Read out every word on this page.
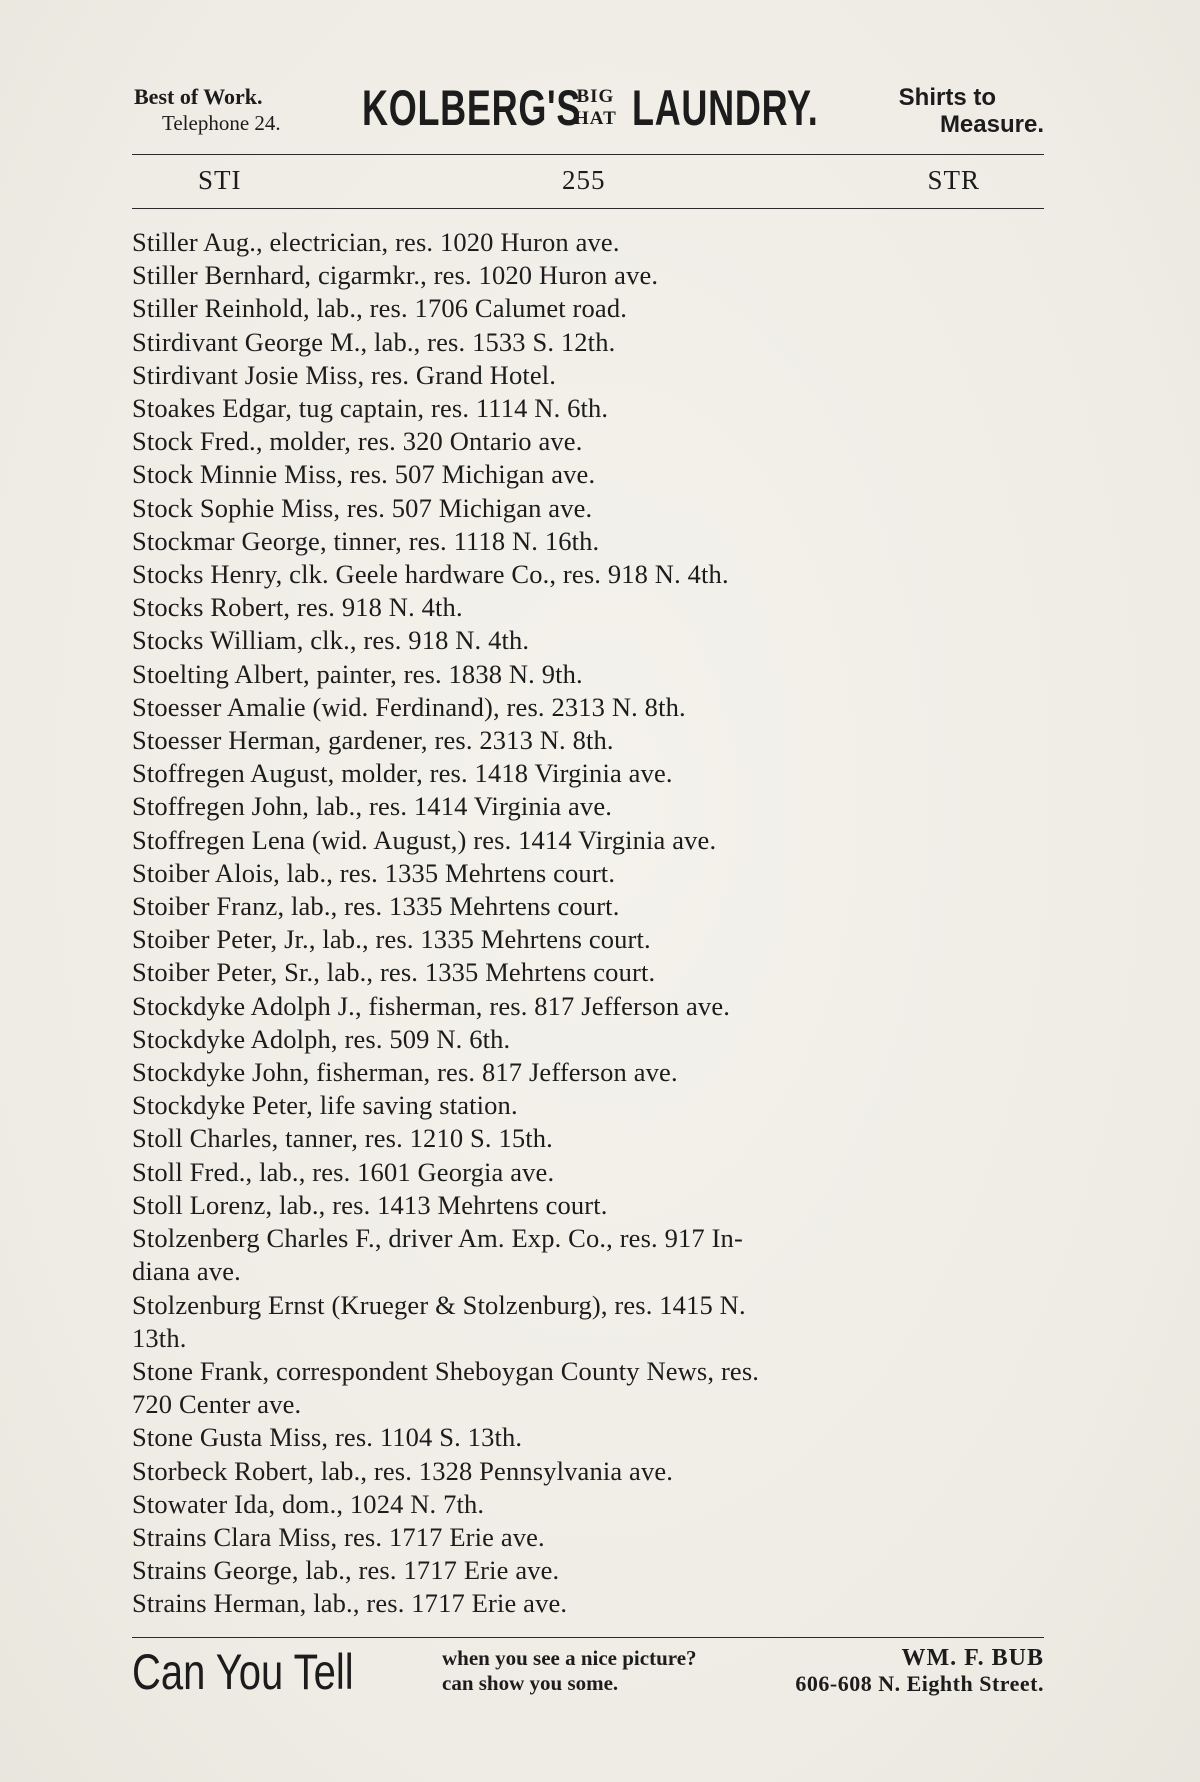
Best of Work.
Telephone 24. KOLBERG'S
BIG
HAT LAUNDRY.	Shirts to
Measure.
STI	255	STR
Stiller Aug., electrician, res. 1020 Huron ave.
Stiller Bernhard, cigarmkr., res. 1020 Huron ave.
Stiller Reinhold, lab., res. 1706 Calumet road.
Stirdivant George M., lab., res. 1533 S. 12th.
Stirdivant Josie Miss, res. Grand Hotel.
Stoakes Edgar, tug captain, res. 1114 N. 6th.
Stock Fred., molder, res. 320 Ontario ave.
Stock Minnie Miss, res. 507 Michigan ave.
Stock Sophie Miss, res. 507 Michigan ave.
Stockmar George, tinner, res. 1118 N. 16th.
Stocks Henry, clk. Geele hardware Co., res. 918 N. 4th.
Stocks Robert, res. 918 N. 4th.
Stocks William, clk., res. 918 N. 4th.
Stoelting Albert, painter, res. 1838 N. 9th.
Stoesser Amalie (wid. Ferdinand), res. 2313 N. 8th.
Stoesser Herman, gardener, res. 2313 N. 8th.
Stoffregen August, molder, res. 1418 Virginia ave.
Stoffregen John, lab., res. 1414 Virginia ave.
Stoffregen Lena (wid. August,) res. 1414 Virginia ave.
Stoiber Alois, lab., res. 1335 Mehrtens court.
Stoiber Franz, lab., res. 1335 Mehrtens court.
Stoiber Peter, Jr., lab., res. 1335 Mehrtens court.
Stoiber Peter, Sr., lab., res. 1335 Mehrtens court.
Stockdyke Adolph J., fisherman, res. 817 Jefferson ave.
Stockdyke Adolph, res. 509 N. 6th.
Stockdyke John, fisherman, res. 817 Jefferson ave.
Stockdyke Peter, life saving station.
Stoll Charles, tanner, res. 1210 S. 15th.
Stoll Fred., lab., res. 1601 Georgia ave.
Stoll Lorenz, lab., res. 1413 Mehrtens court.
Stolzenberg Charles F., driver Am. Exp. Co., res. 917 In-
diana ave.
Stolzenburg Ernst (Krueger & Stolzenburg), res. 1415 N.
13th.
Stone Frank, correspondent Sheboygan County News, res.
720 Center ave.
Stone Gusta Miss, res. 1104 S. 13th.
Storbeck Robert, lab., res. 1328 Pennsylvania ave.
Stowater Ida, dom., 1024 N. 7th.
Strains Clara Miss, res. 1717 Erie ave.
Strains George, lab., res. 1717 Erie ave.
Strains Herman, lab., res. 1717 Erie ave.
Can You Tell	when you see a nice picture?
can show you some.
WM. F. BUB
606-608 N. Eighth Street.
